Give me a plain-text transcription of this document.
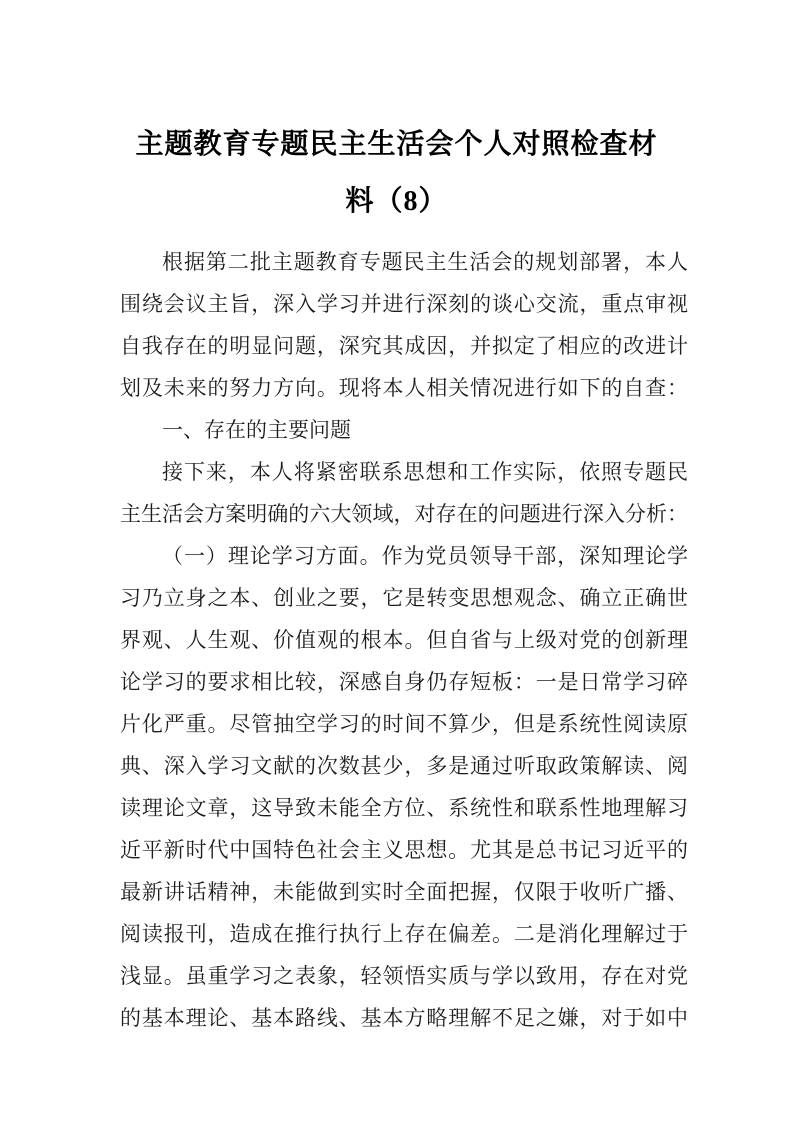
主题教育专题民主生活会个人对照检查材
料（8）
根据第二批主题教育专题民主生活会的规划部署，本人
围绕会议主旨，深入学习并进行深刻的谈心交流，重点审视
自我存在的明显问题，深究其成因，并拟定了相应的改进计
划及未来的努力方向。现将本人相关情况进行如下的自查：
一、存在的主要问题
接下来，本人将紧密联系思想和工作实际，依照专题民
主生活会方案明确的六大领域，对存在的问题进行深入分析：
（一）理论学习方面。作为党员领导干部，深知理论学
习乃立身之本、创业之要，它是转变思想观念、确立正确世
界观、人生观、价值观的根本。但自省与上级对党的创新理
论学习的要求相比较，深感自身仍存短板：一是日常学习碎
片化严重。尽管抽空学习的时间不算少，但是系统性阅读原
典、深入学习文献的次数甚少，多是通过听取政策解读、阅
读理论文章，这导致未能全方位、系统性和联系性地理解习
近平新时代中国特色社会主义思想。尤其是总书记习近平的
最新讲话精神，未能做到实时全面把握，仅限于收听广播、
阅读报刊，造成在推行执行上存在偏差。二是消化理解过于
浅显。虽重学习之表象，轻领悟实质与学以致用，存在对党
的基本理论、基本路线、基本方略理解不足之嫌，对于如中
